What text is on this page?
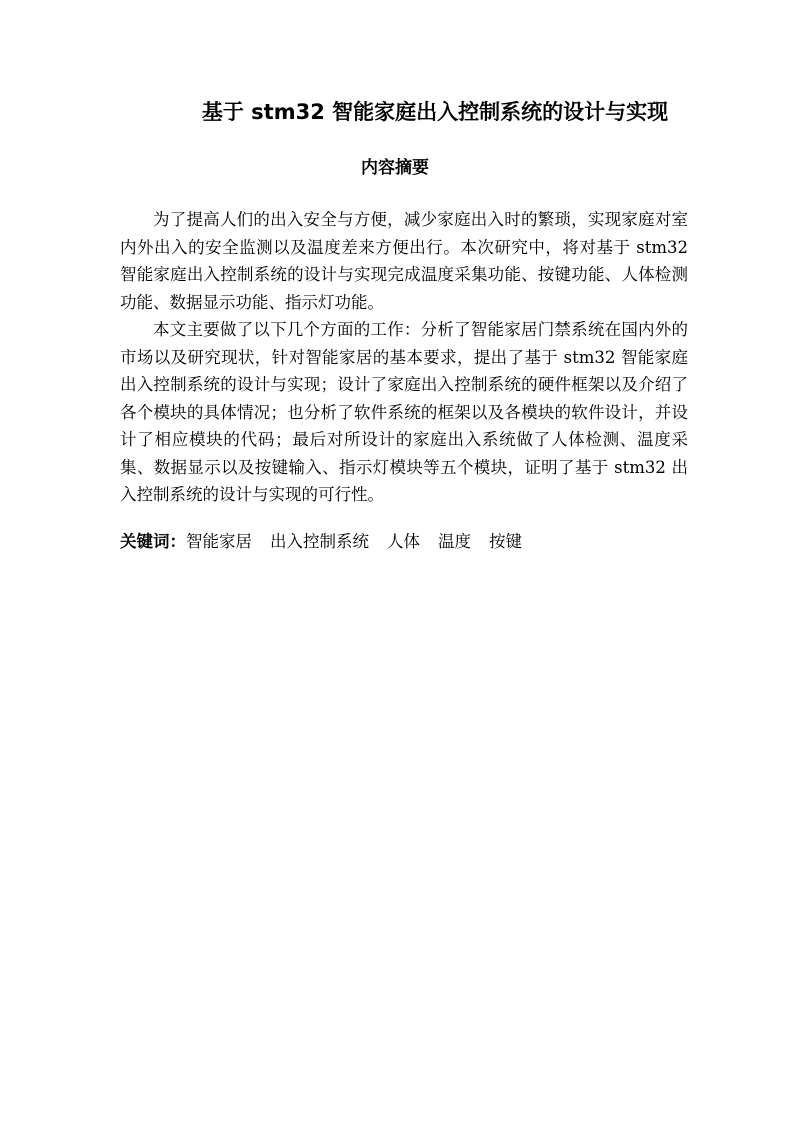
基于 stm32 智能家庭出入控制系统的设计与实现
内容摘要

为了提高人们的出入安全与方便，减少家庭出入时的繁琐，实现家庭对室内外出入的安全监测以及温度差来方便出行。本次研究中，将对基于 stm32 智能家庭出入控制系统的设计与实现完成温度采集功能、按键功能、人体检测功能、数据显示功能、指示灯功能。

本文主要做了以下几个方面的工作：分析了智能家居门禁系统在国内外的市场以及研究现状，针对智能家居的基本要求，提出了基于 stm32 智能家庭出入控制系统的设计与实现；设计了家庭出入控制系统的硬件框架以及介绍了各个模块的具体情况；也分析了软件系统的框架以及各模块的软件设计，并设计了相应模块的代码；最后对所设计的家庭出入系统做了人体检测、温度采集、数据显示以及按键输入、指示灯模块等五个模块，证明了基于 stm32 出入控制系统的设计与实现的可行性。

关键词：智能家居 出入控制系统 人体 温度 按键
